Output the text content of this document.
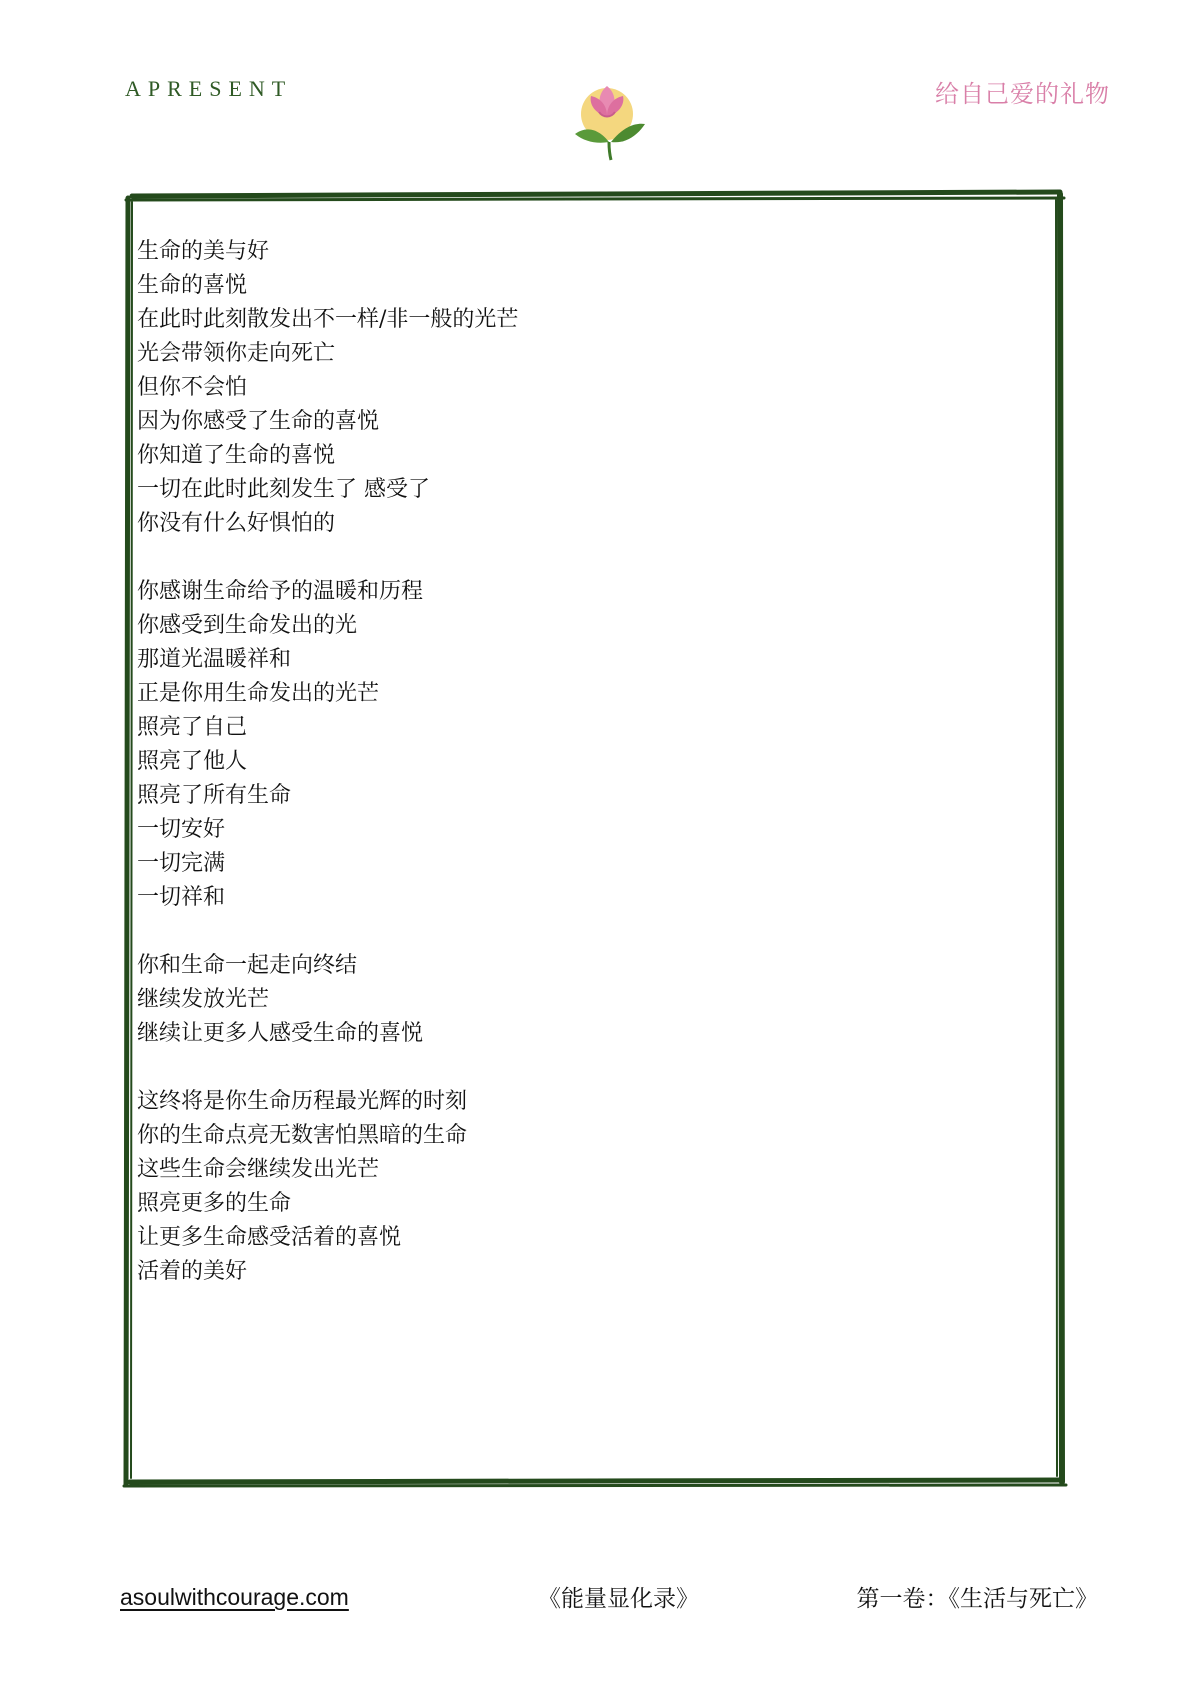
APRESENT	给自己爱的礼物
生命的美与好
生命的喜悦
在此时此刻散发出不一样/非一般的光芒
光会带领你走向死亡
但你不会怕
因为你感受了生命的喜悦
你知道了生命的喜悦
一切在此时此刻发生了 感受了
你没有什么好惧怕的
你感谢生命给予的温暖和历程
你感受到生命发出的光
那道光温暖祥和
正是你用生命发出的光芒
照亮了自己
照亮了他人
照亮了所有生命
一切安好
一切完满
一切祥和
你和生命一起走向终结
继续发放光芒
继续让更多人感受生命的喜悦
这终将是你生命历程最光辉的时刻
你的生命点亮无数害怕黑暗的生命
这些生命会继续发出光芒
照亮更多的生命
让更多生命感受活着的喜悦
活着的美好
asoulwithcourage.com	《能量显化录》	第一卷：《生活与死亡》
